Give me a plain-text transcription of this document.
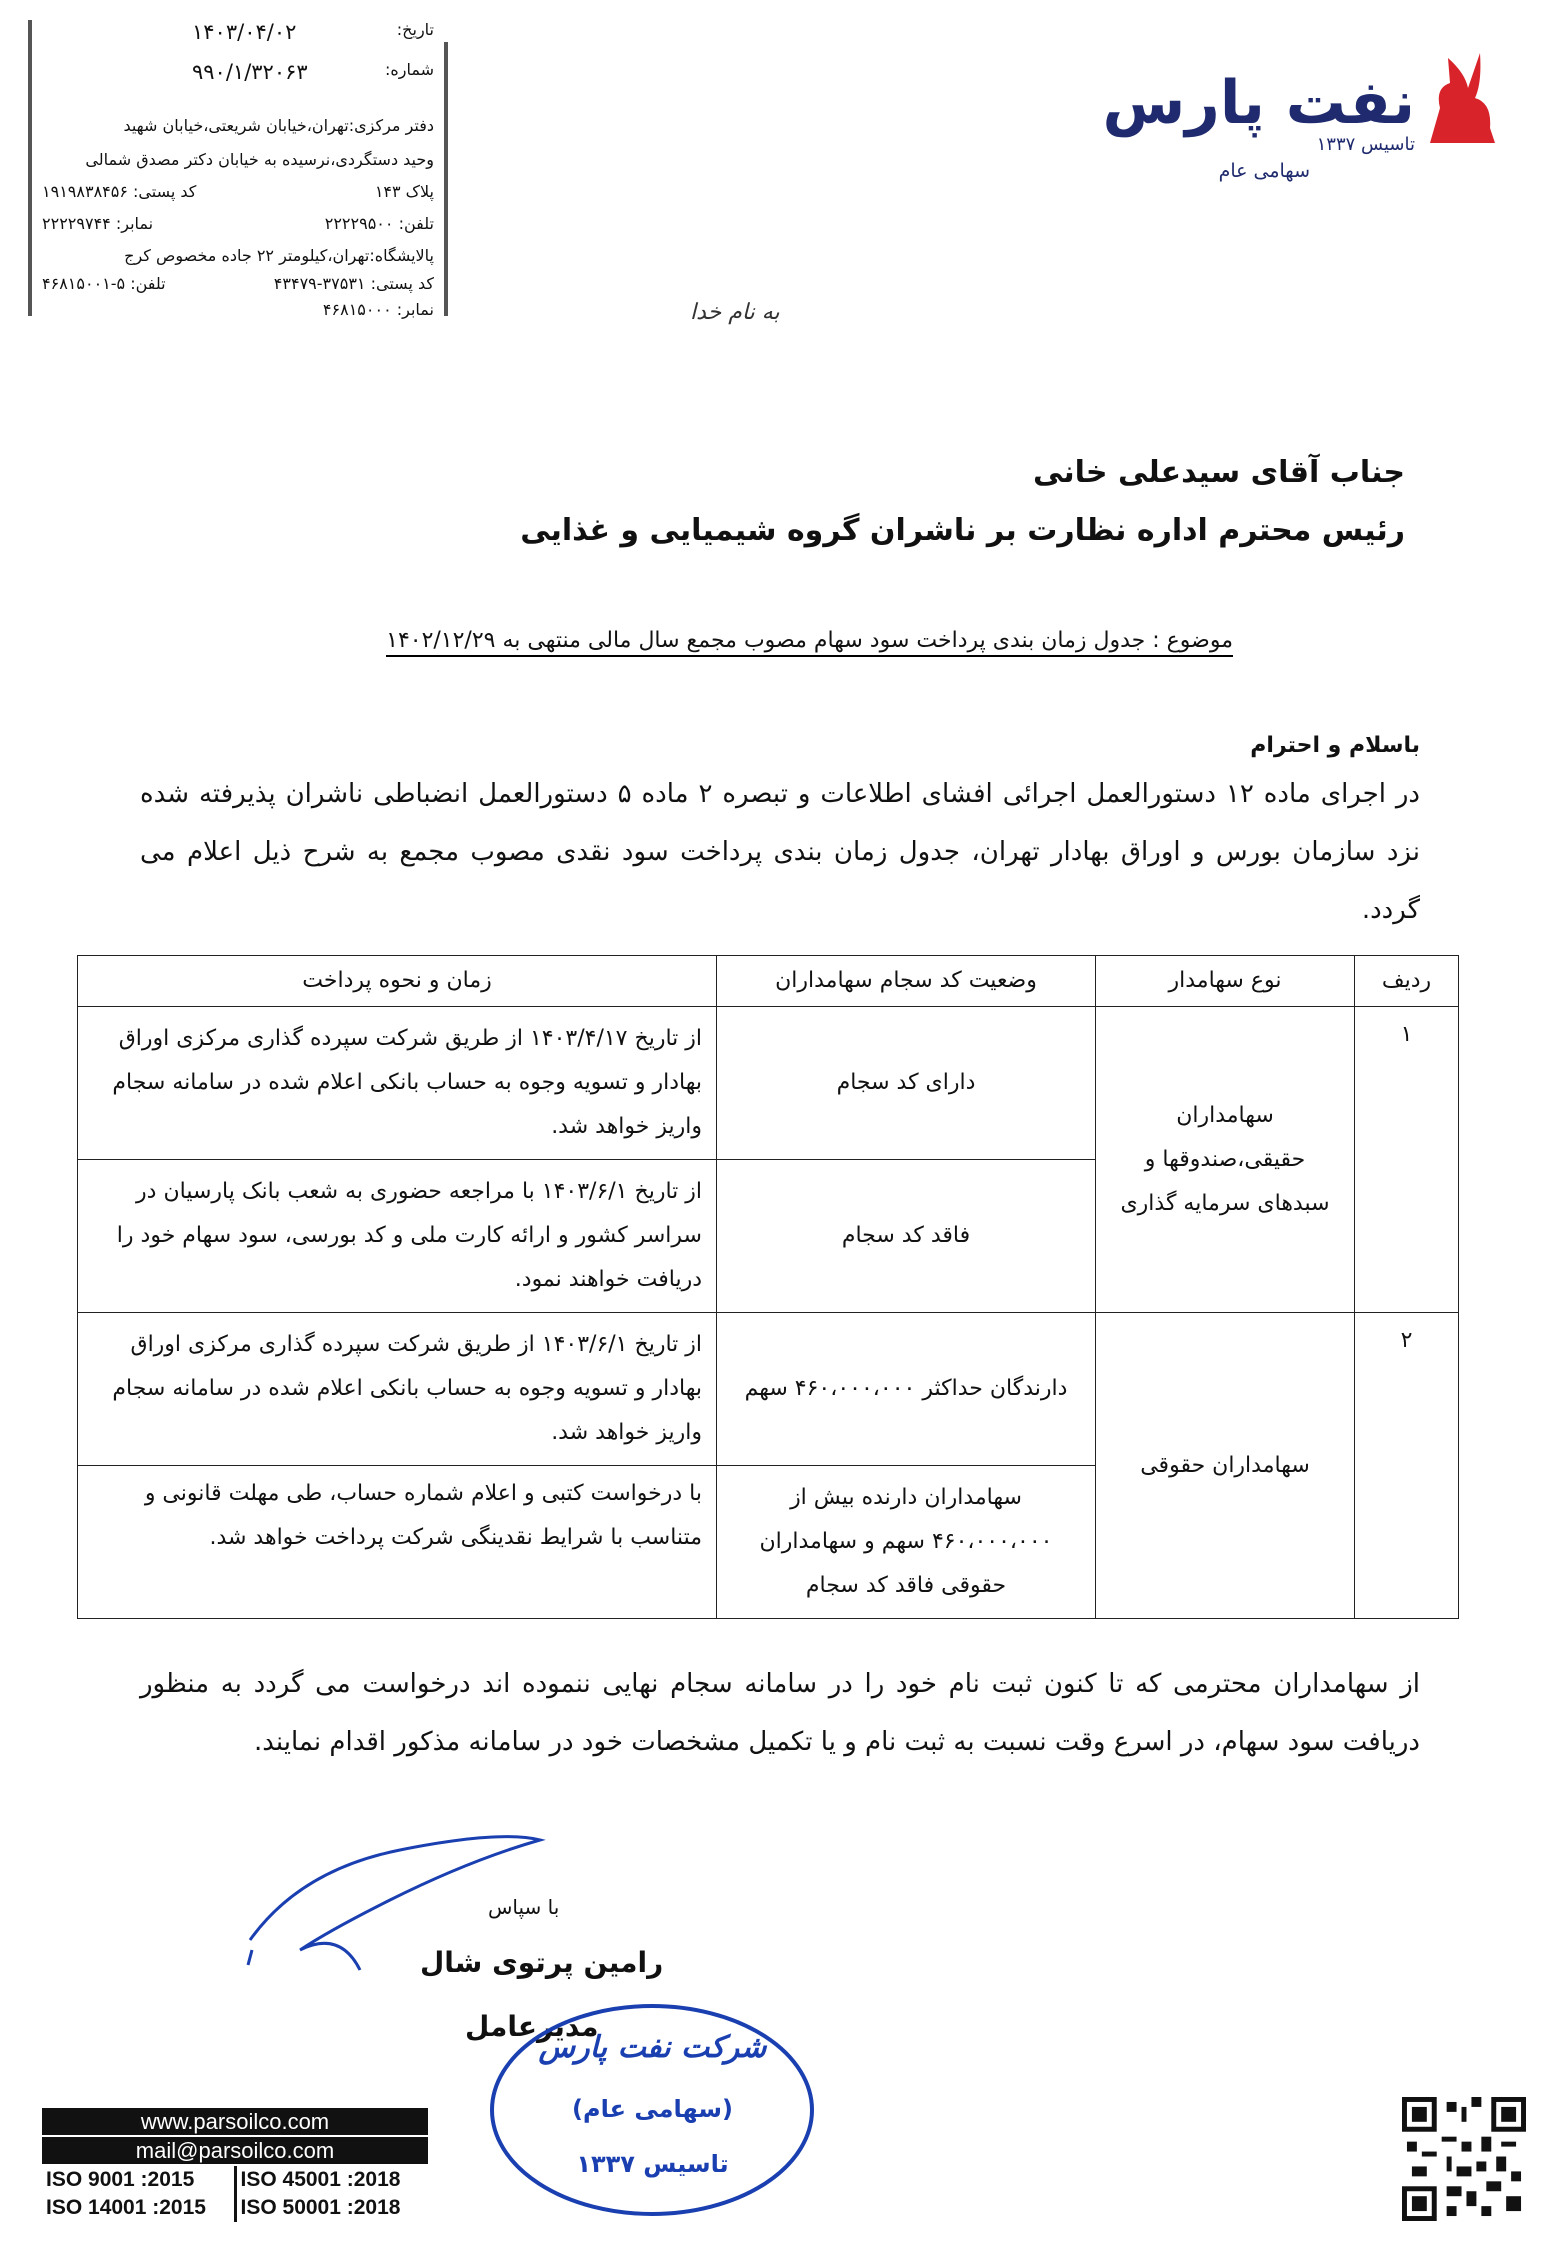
تاریخ:
۱۴۰۳/۰۴/۰۲
شماره:
۹۹۰/۱/۳۲۰۶۳
دفتر مرکزی:تهران،خیابان شریعتی،خیابان شهید
وحید دستگردی،نرسیده به خیابان دکتر مصدق شمالی
پلاک ۱۴۳
کد پستی: ۱۹۱۹۸۳۸۴۵۶
تلفن: ۲۲۲۲۹۵۰۰
نمابر: ۲۲۲۲۹۷۴۴
پالایشگاه:تهران،کیلومتر ۲۲ جاده مخصوص کرج
کد پستی: ۳۷۵۳۱-۴۳۴۷۹
تلفن: ۵-۴۶۸۱۵۰۰۱
نمابر: ۴۶۸۱۵۰۰۰
نفت پارس
تاسیس ۱۳۳۷
سهامی عام
به نام خدا
جناب آقای سیدعلی خانی
رئیس محترم اداره نظارت بر ناشران گروه شیمیایی و غذایی
موضوع : جدول زمان بندی پرداخت سود سهام مصوب مجمع سال مالی منتهی به ۱۴۰۲/۱۲/۲۹
باسلام و احترام
در اجرای ماده ۱۲ دستورالعمل اجرائی افشای اطلاعات و تبصره ۲ ماده ۵ دستورالعمل انضباطی ناشران پذیرفته شده نزد سازمان بورس و اوراق بهادار تهران، جدول زمان بندی پرداخت سود نقدی مصوب مجمع به شرح ذیل اعلام می گردد.
ردیف	نوع سهامدار	وضعیت کد سجام سهامداران	زمان و نحوه پرداخت
۱	سهامداران حقیقی،صندوقها و سبدهای سرمایه گذاری	دارای کد سجام	از تاریخ ۱۴۰۳/۴/۱۷ از طریق شرکت سپرده گذاری مرکزی اوراق بهادار و تسویه وجوه به حساب بانکی اعلام شده در سامانه سجام واریز خواهد شد.
		فاقد کد سجام	از تاریخ ۱۴۰۳/۶/۱ با مراجعه حضوری به شعب بانک پارسیان در سراسر کشور و ارائه کارت ملی و کد بورسی، سود سهام خود را دریافت خواهند نمود.
۲	سهامداران حقوقی	دارندگان حداکثر ۴۶۰،۰۰۰،۰۰۰ سهم	از تاریخ ۱۴۰۳/۶/۱ از طریق شرکت سپرده گذاری مرکزی اوراق بهادار و تسویه وجوه به حساب بانکی اعلام شده در سامانه سجام واریز خواهد شد.
		سهامداران دارنده بیش از ۴۶۰،۰۰۰،۰۰۰ سهم و سهامداران حقوقی فاقد کد سجام	با درخواست کتبی و اعلام شماره حساب، طی مهلت قانونی و متناسب با شرایط نقدینگی شرکت پرداخت خواهد شد.
از سهامداران محترمی که تا کنون ثبت نام خود را در سامانه سجام نهایی ننموده اند درخواست می گردد به منظور دریافت سود سهام، در اسرع وقت نسبت به ثبت نام و یا تکمیل مشخصات خود در سامانه مذکور اقدام نمایند.
با سپاس
رامین پرتوی شال
مدیرعامل
شرکت نفت پارس
(سهامی عام)
تاسیس ۱۳۳۷
www.parsoilco.com
mail@parsoilco.com
ISO 9001 :2015	ISO 45001 :2018
ISO 14001 :2015	ISO 50001 :2018
